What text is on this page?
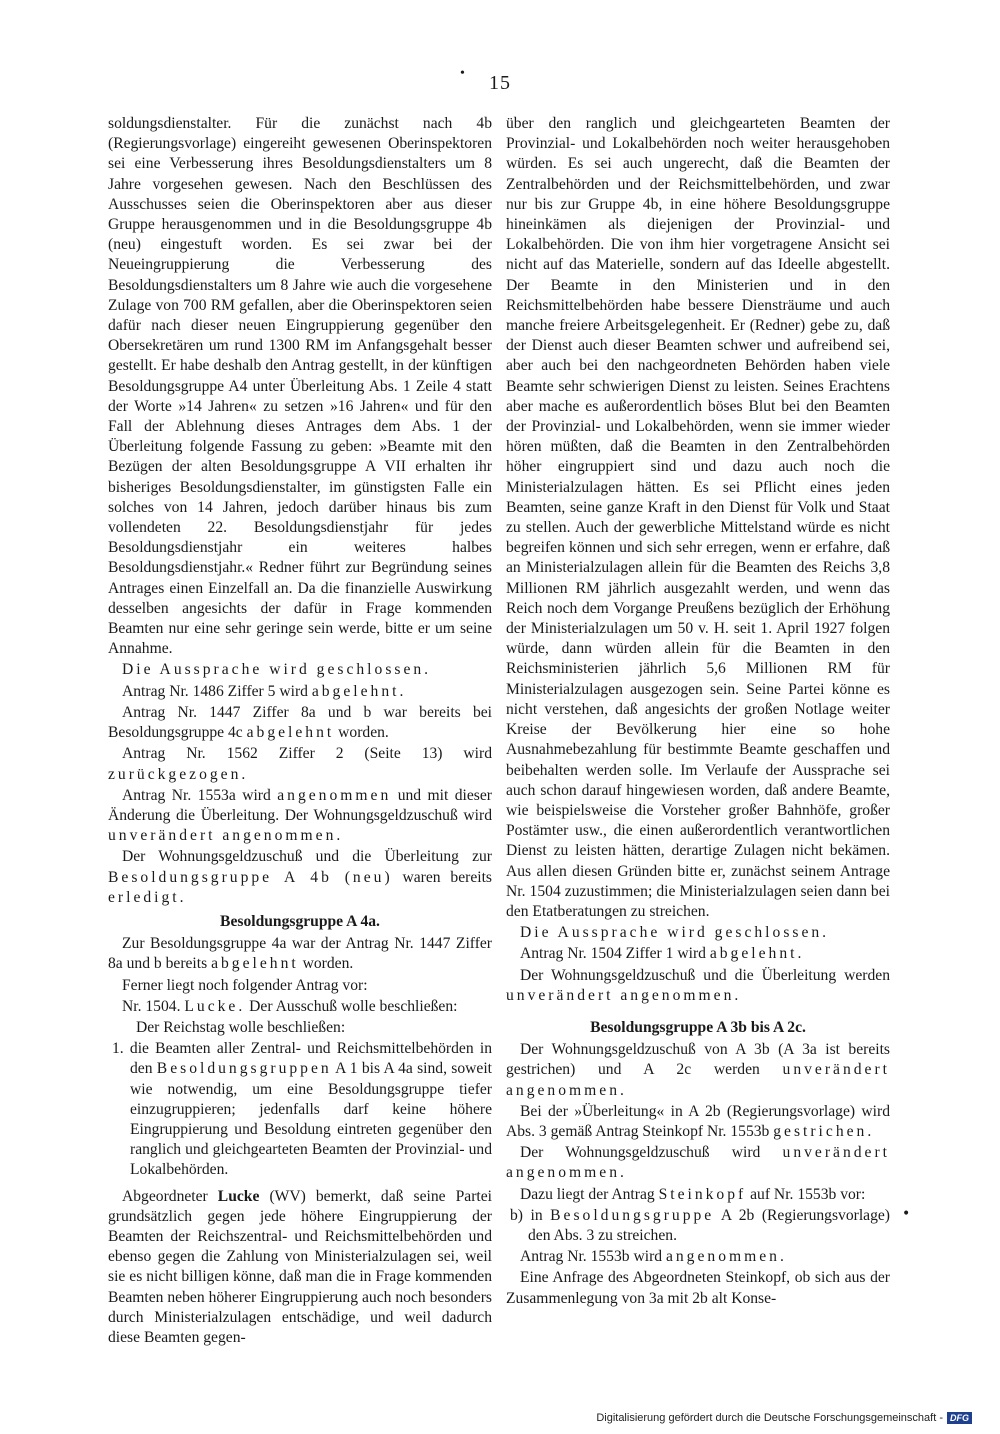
• 15

soldungsdienstalter. Für die zunächst nach 4b (Regierungsvorlage) eingereiht gewesenen Oberinspektoren sei eine Verbesserung ihres Besoldungsdienstalters um 8 Jahre vorgesehen gewesen. Nach den Beschlüssen des Ausschusses seien die Oberinspektoren aber aus dieser Gruppe herausgenommen und in die Besoldungsgruppe 4b (neu) eingestuft worden. Es sei zwar bei der Neueingruppierung die Verbesserung des Besoldungsdienstalters um 8 Jahre wie auch die vorgesehene Zulage von 700 RM gefallen, aber die Oberinspektoren seien dafür nach dieser neuen Eingruppierung gegenüber den Obersekretären um rund 1300 RM im Anfangsgehalt besser gestellt. Er habe deshalb den Antrag gestellt, in der künftigen Besoldungsgruppe A4 unter Überleitung Abs. 1 Zeile 4 statt der Worte »14 Jahren« zu setzen »16 Jahren« und für den Fall der Ablehnung dieses Antrages dem Abs. 1 der Überleitung folgende Fassung zu geben: »Beamte mit den Bezügen der alten Besoldungsgruppe A VII erhalten ihr bisheriges Besoldungsdienstalter, im günstigsten Falle ein solches von 14 Jahren, jedoch darüber hinaus bis zum vollendeten 22. Besoldungsdienstjahr für jedes Besoldungsdienstjahr ein weiteres halbes Besoldungsdienstjahr.« Redner führt zur Begründung seines Antrages einen Einzelfall an. Da die finanzielle Auswirkung desselben angesichts der dafür in Frage kommenden Beamten nur eine sehr geringe sein werde, bitte er um seine Annahme.

Die Aussprache wird geschlossen.

Antrag Nr. 1486 Ziffer 5 wird abgelehnt.

Antrag Nr. 1447 Ziffer 8a und b war bereits bei Besoldungsgruppe 4c abgelehnt worden.

Antrag Nr. 1562 Ziffer 2 (Seite 13) wird zurückgezogen.

Antrag Nr. 1553a wird angenommen und mit dieser Änderung die Überleitung. Der Wohnungsgeldzuschuß wird unverändert angenommen.

Der Wohnungsgeldzuschuß und die Überleitung zur Besoldungsgruppe A 4b (neu) waren bereits erledigt.

Besoldungsgruppe A 4a.

Zur Besoldungsgruppe 4a war der Antrag Nr. 1447 Ziffer 8a und b bereits abgelehnt worden.

Ferner liegt noch folgender Antrag vor:

Nr. 1504. Lucke. Der Ausschuß wolle beschließen:

Der Reichstag wolle beschließen:

1. die Beamten aller Zentral- und Reichsmittelbehörden in den Besoldungsgruppen A 1 bis A 4a sind, soweit wie notwendig, um eine Besoldungsgruppe tiefer einzugruppieren; jedenfalls darf keine höhere Eingruppierung und Besoldung eintreten gegenüber den ranglich und gleichgearteten Beamten der Provinzial- und Lokalbehörden.

Abgeordneter Lucke (WV) bemerkt, daß seine Partei grundsätzlich gegen jede höhere Eingruppierung der Beamten der Reichszentral- und Reichsmittelbehörden und ebenso gegen die Zahlung von Ministerialzulagen sei, weil sie es nicht billigen könne, daß man die in Frage kommenden Beamten neben höherer Eingruppierung auch noch besonders durch Ministerialzulagen entschädige, und weil dadurch diese Beamten gegen-

über den ranglich und gleichgearteten Beamten der Provinzial- und Lokalbehörden noch weiter herausgehoben würden. Es sei auch ungerecht, daß die Beamten der Zentralbehörden und der Reichsmittelbehörden, und zwar nur bis zur Gruppe 4b, in eine höhere Besoldungsgruppe hineinkämen als diejenigen der Provinzial- und Lokalbehörden. Die von ihm hier vorgetragene Ansicht sei nicht auf das Materielle, sondern auf das Ideelle abgestellt. Der Beamte in den Ministerien und in den Reichsmittelbehörden habe bessere Diensträume und auch manche freiere Arbeitsgelegenheit. Er (Redner) gebe zu, daß der Dienst auch dieser Beamten schwer und aufreibend sei, aber auch bei den nachgeordneten Behörden haben viele Beamte sehr schwierigen Dienst zu leisten. Seines Erachtens aber mache es außerordentlich böses Blut bei den Beamten der Provinzial- und Lokalbehörden, wenn sie immer wieder hören müßten, daß die Beamten in den Zentralbehörden höher eingruppiert sind und dazu auch noch die Ministerialzulagen hätten. Es sei Pflicht eines jeden Beamten, seine ganze Kraft in den Dienst für Volk und Staat zu stellen. Auch der gewerbliche Mittelstand würde es nicht begreifen können und sich sehr erregen, wenn er erfahre, daß an Ministerialzulagen allein für die Beamten des Reichs 3,8 Millionen RM jährlich ausgezahlt werden, und wenn das Reich noch dem Vorgange Preußens bezüglich der Erhöhung der Ministerialzulagen um 50 v. H. seit 1. April 1927 folgen würde, dann würden allein für die Beamten in den Reichsministerien jährlich 5,6 Millionen RM für Ministerialzulagen ausgezogen sein. Seine Partei könne es nicht verstehen, daß angesichts der großen Notlage weiter Kreise der Bevölkerung hier eine so hohe Ausnahmebezahlung für bestimmte Beamte geschaffen und beibehalten werden solle. Im Verlaufe der Aussprache sei auch schon darauf hingewiesen worden, daß andere Beamte, wie beispielsweise die Vorsteher großer Bahnhöfe, großer Postämter usw., die einen außerordentlich verantwortlichen Dienst zu leisten hätten, derartige Zulagen nicht bekämen. Aus allen diesen Gründen bitte er, zunächst seinem Antrage Nr. 1504 zuzustimmen; die Ministerialzulagen seien dann bei den Etatberatungen zu streichen.

Die Aussprache wird geschlossen.

Antrag Nr. 1504 Ziffer 1 wird abgelehnt.

Der Wohnungsgeldzuschuß und die Überleitung werden unverändert angenommen.

Besoldungsgruppe A 3b bis A 2c.

Der Wohnungsgeldzuschuß von A 3b (A 3a ist bereits gestrichen) und A 2c werden unverändert angenommen.

Bei der »Überleitung« in A 2b (Regierungsvorlage) wird Abs. 3 gemäß Antrag Steinkopf Nr. 1553b gestrichen.

Der Wohnungsgeldzuschuß wird unverändert angenommen.

Dazu liegt der Antrag Steinkopf auf Nr. 1553b vor:

b) in Besoldungsgruppe A 2b (Regierungsvorlage) den Abs. 3 zu streichen.

Antrag Nr. 1553b wird angenommen.

Eine Anfrage des Abgeordneten Steinkopf, ob sich aus der Zusammenlegung von 3a mit 2b alt Konse-

•
Digitalisierung gefördert durch die Deutsche Forschungsgemeinschaft - DFG
